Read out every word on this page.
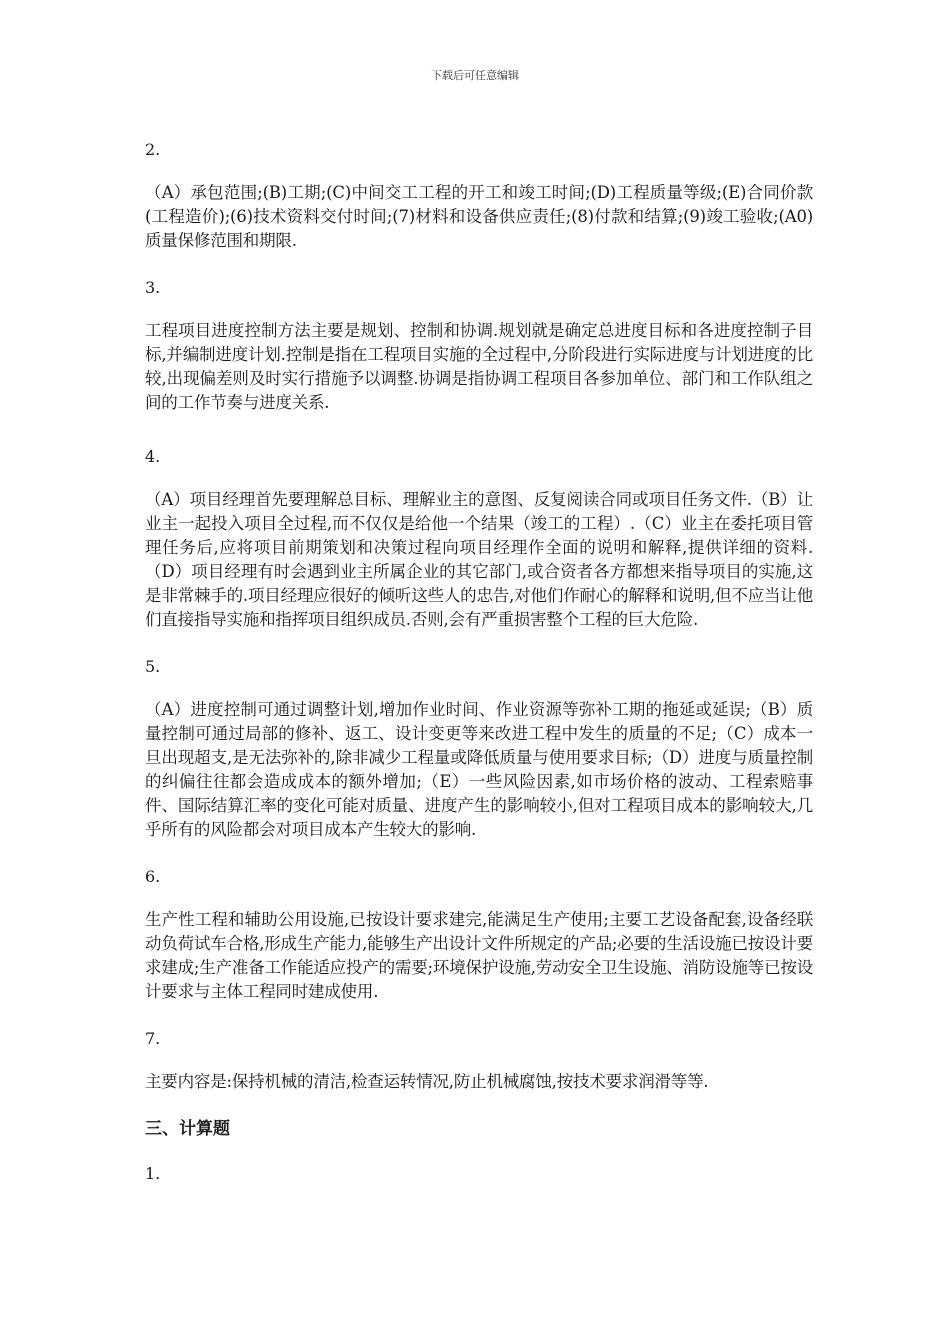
下载后可任意编辑
2.
（A）承包范围;(B)工期;(C)中间交工工程的开工和竣工时间;(D)工程质量等级;(E)合同价款(工程造价);(6)技术资料交付时间;(7)材料和设备供应责任;(8)付款和结算;(9)竣工验收;(A0)质量保修范围和期限.
3.
工程项目进度控制方法主要是规划、控制和协调.规划就是确定总进度目标和各进度控制子目标,并编制进度计划.控制是指在工程项目实施的全过程中,分阶段进行实际进度与计划进度的比较,出现偏差则及时实行措施予以调整.协调是指协调工程项目各参加单位、部门和工作队组之间的工作节奏与进度关系.
4.
（A）项目经理首先要理解总目标、理解业主的意图、反复阅读合同或项目任务文件.（B）让业主一起投入项目全过程,而不仅仅是给他一个结果（竣工的工程）.（C）业主在委托项目管理任务后,应将项目前期策划和决策过程向项目经理作全面的说明和解释,提供详细的资料.（D）项目经理有时会遇到业主所属企业的其它部门,或合资者各方都想来指导项目的实施,这是非常棘手的.项目经理应很好的倾听这些人的忠告,对他们作耐心的解释和说明,但不应当让他们直接指导实施和指挥项目组织成员.否则,会有严重损害整个工程的巨大危险.
5.
（A）进度控制可通过调整计划,增加作业时间、作业资源等弥补工期的拖延或延误;（B）质量控制可通过局部的修补、返工、设计变更等来改进工程中发生的质量的不足;（C）成本一旦出现超支,是无法弥补的,除非减少工程量或降低质量与使用要求目标;（D）进度与质量控制的纠偏往往都会造成成本的额外增加;（E）一些风险因素,如市场价格的波动、工程索赔事件、国际结算汇率的变化可能对质量、进度产生的影响较小,但对工程项目成本的影响较大,几乎所有的风险都会对项目成本产生较大的影响.
6.
生产性工程和辅助公用设施,已按设计要求建完,能满足生产使用;主要工艺设备配套,设备经联动负荷试车合格,形成生产能力,能够生产出设计文件所规定的产品;必要的生活设施已按设计要求建成;生产准备工作能适应投产的需要;环境保护设施,劳动安全卫生设施、消防设施等已按设计要求与主体工程同时建成使用.
7.
主要内容是:保持机械的清洁,检查运转情况,防止机械腐蚀,按技术要求润滑等等.
三、计算题
1.
